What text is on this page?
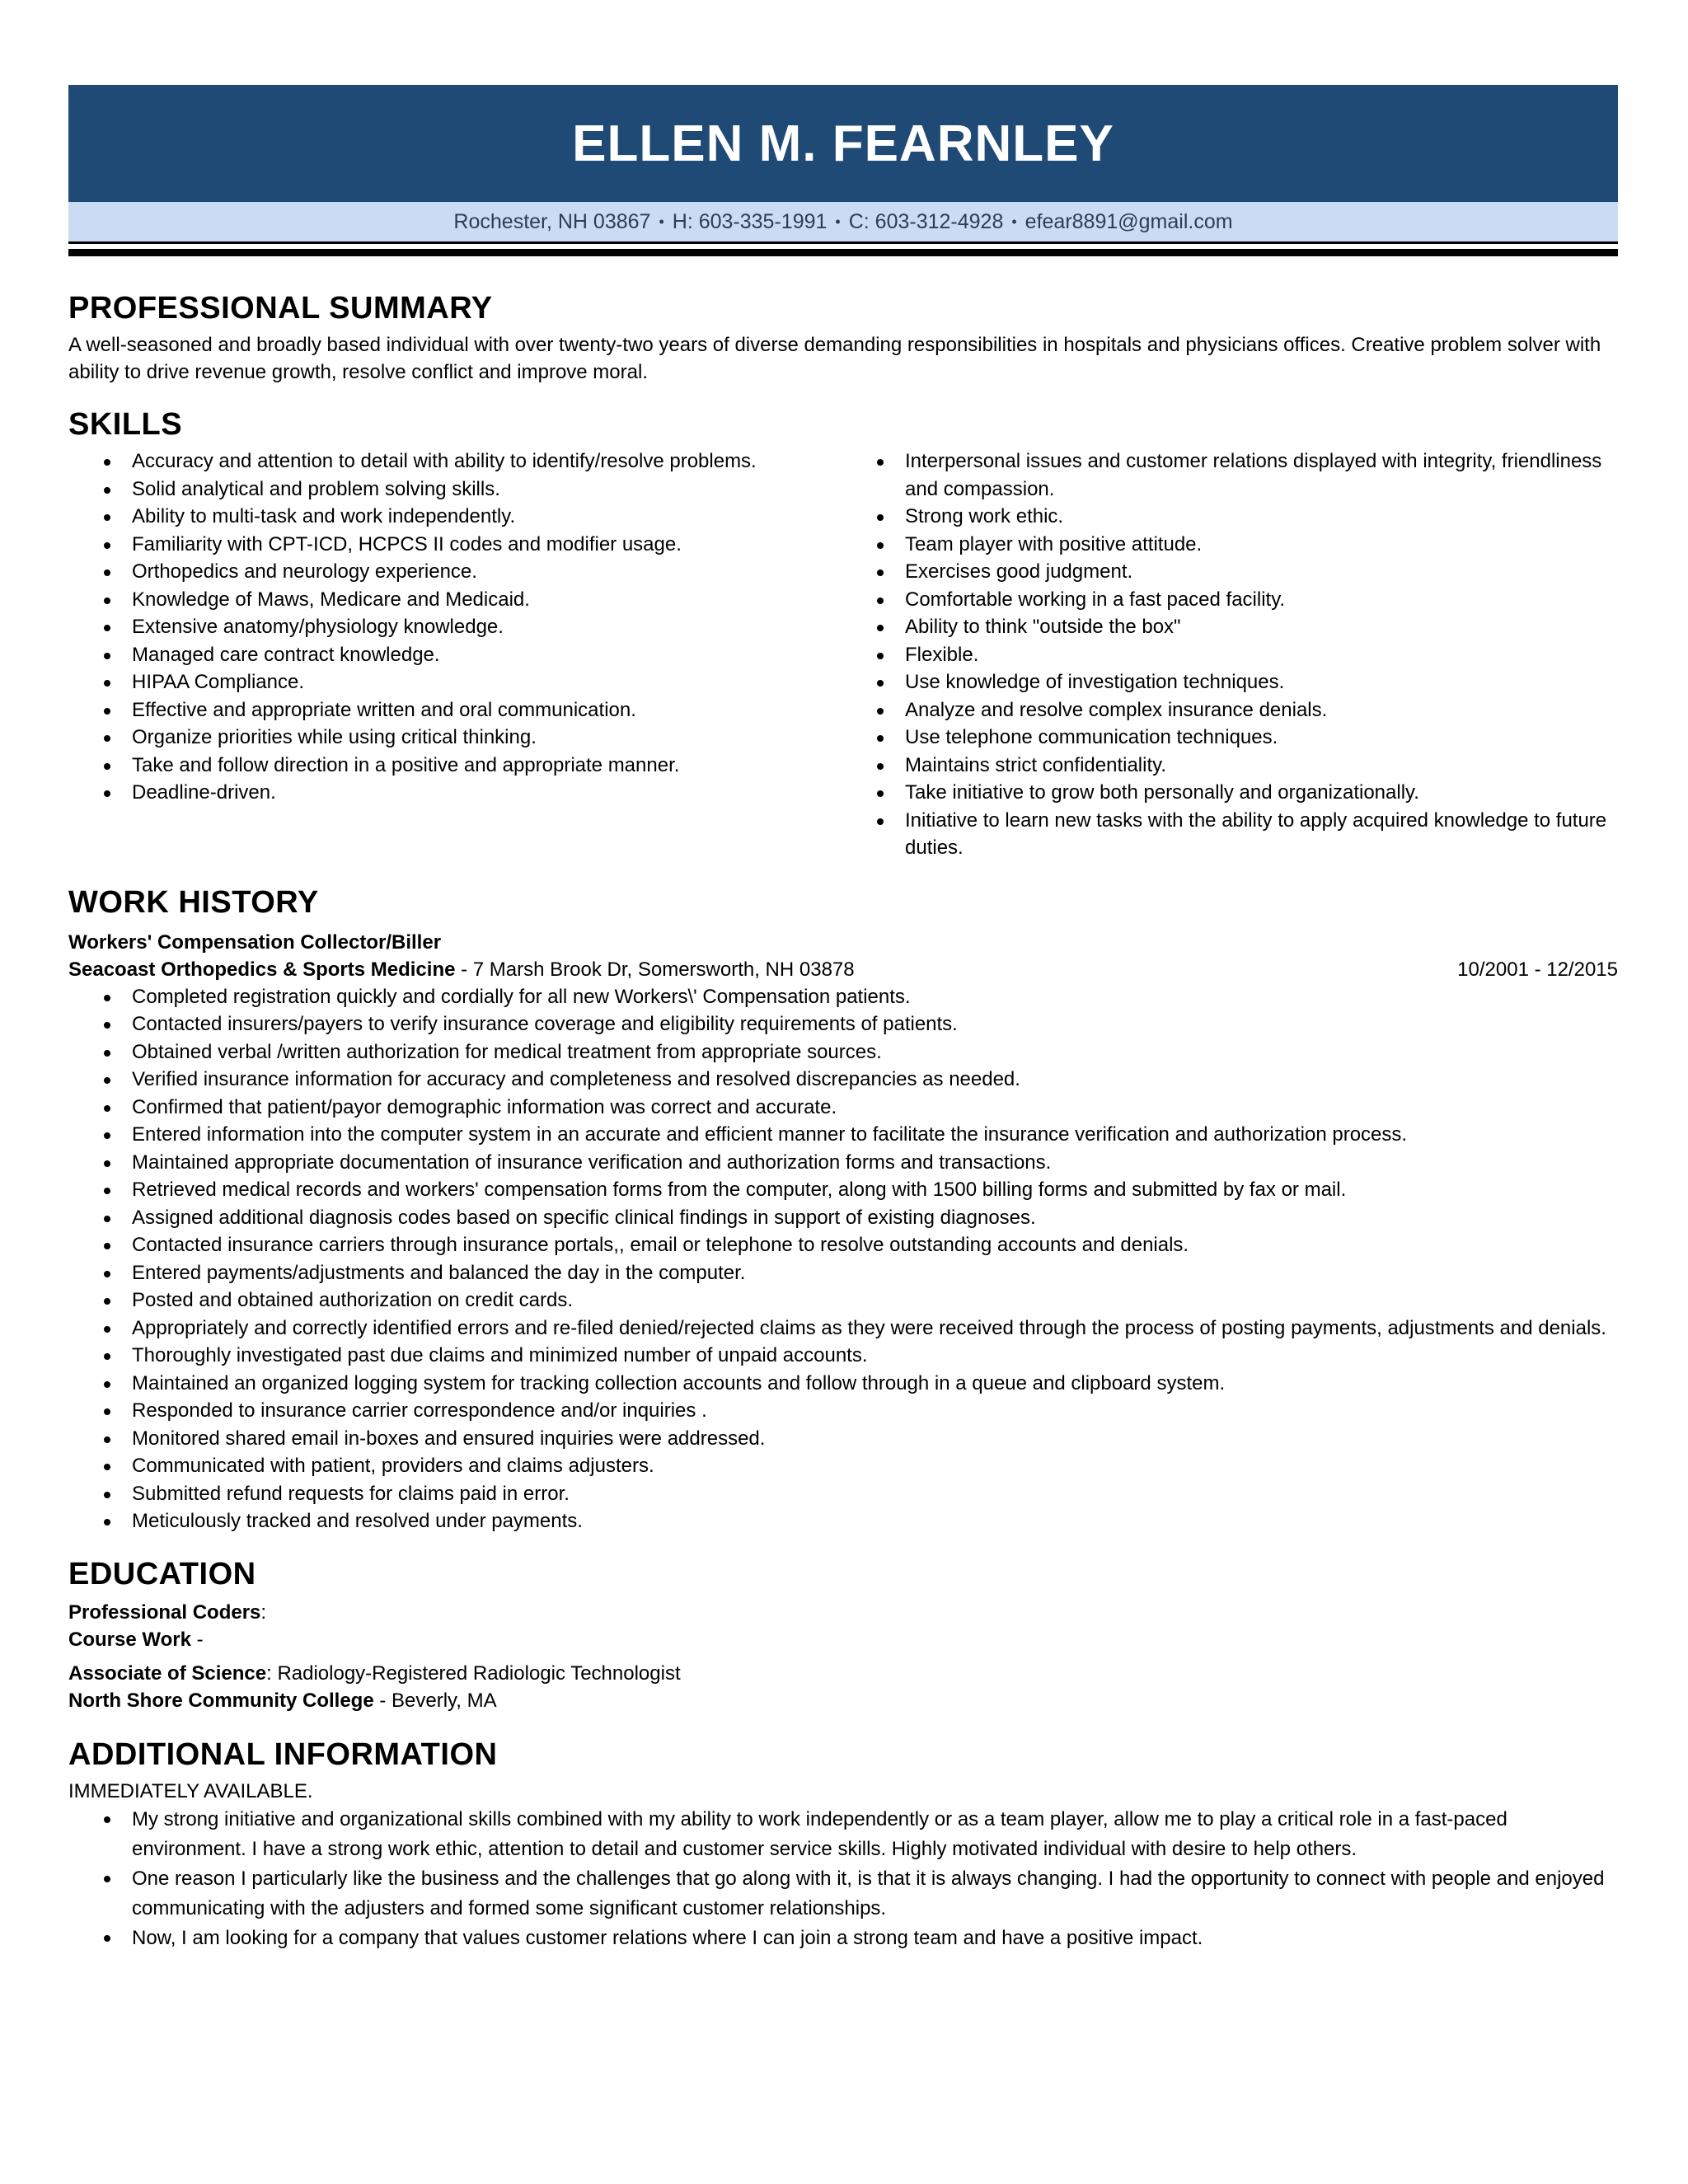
ELLEN M. FEARNLEY
Rochester, NH 03867 • H: 603-335-1991 • C: 603-312-4928 • efear8891@gmail.com
PROFESSIONAL SUMMARY
A well-seasoned and broadly based individual with over twenty-two years of diverse demanding responsibilities in hospitals and physicians offices. Creative problem solver with ability to drive revenue growth, resolve conflict and improve moral.
SKILLS
Accuracy and attention to detail with ability to identify/resolve problems.
Solid analytical and problem solving skills.
Ability to multi-task and work independently.
Familiarity with CPT-ICD, HCPCS II codes and modifier usage.
Orthopedics and neurology experience.
Knowledge of Maws, Medicare and Medicaid.
Extensive anatomy/physiology knowledge.
Managed care contract knowledge.
HIPAA Compliance.
Effective and appropriate written and oral communication.
Organize priorities while using critical thinking.
Take and follow direction in a positive and appropriate manner.
Deadline-driven.
Interpersonal issues and customer relations displayed with integrity, friendliness and compassion.
Strong work ethic.
Team player with positive attitude.
Exercises good judgment.
Comfortable working in a fast paced facility.
Ability to think "outside the box"
Flexible.
Use knowledge of investigation techniques.
Analyze and resolve complex insurance denials.
Use telephone communication techniques.
Maintains strict confidentiality.
Take initiative to grow both personally and organizationally.
Initiative to learn new tasks with the ability to apply acquired knowledge to future duties.
WORK HISTORY
Workers' Compensation Collector/Biller
Seacoast Orthopedics & Sports Medicine - 7 Marsh Brook Dr, Somersworth, NH 03878	10/2001 - 12/2015
Completed registration quickly and cordially for all new Workers\' Compensation patients.
Contacted insurers/payers to verify insurance coverage and eligibility requirements of patients.
Obtained verbal /written authorization for medical treatment from appropriate sources.
Verified insurance information for accuracy and completeness and resolved discrepancies as needed.
Confirmed that patient/payor demographic information was correct and accurate.
Entered information into the computer system in an accurate and efficient manner to facilitate the insurance verification and authorization process.
Maintained appropriate documentation of insurance verification and authorization forms and transactions.
Retrieved medical records and workers' compensation forms from the computer, along with 1500 billing forms and submitted by fax or mail.
Assigned additional diagnosis codes based on specific clinical findings in support of existing diagnoses.
Contacted insurance carriers through insurance portals,, email or telephone to resolve outstanding accounts and denials.
Entered payments/adjustments and balanced the day in the computer.
Posted and obtained authorization on credit cards.
Appropriately and correctly identified errors and re-filed denied/rejected claims as they were received through the process of posting payments, adjustments and denials.
Thoroughly investigated past due claims and minimized number of unpaid accounts.
Maintained an organized logging system for tracking collection accounts and follow through in a queue and clipboard system.
Responded to insurance carrier correspondence and/or inquiries .
Monitored shared email in-boxes and ensured inquiries were addressed.
Communicated with patient, providers and claims adjusters.
Submitted refund requests for claims paid in error.
Meticulously tracked and resolved under payments.
EDUCATION
Professional Coders:
Course Work -
Associate of Science: Radiology-Registered Radiologic Technologist
North Shore Community College - Beverly, MA
ADDITIONAL INFORMATION
IMMEDIATELY AVAILABLE.
My strong initiative and organizational skills combined with my ability to work independently or as a team player, allow me to play a critical role in a fast-paced environment. I have a strong work ethic, attention to detail and customer service skills. Highly motivated individual with desire to help others.
One reason I particularly like the business and the challenges that go along with it, is that it is always changing. I had the opportunity to connect with people and enjoyed communicating with the adjusters and formed some significant customer relationships.
Now, I am looking for a company that values customer relations where I can join a strong team and have a positive impact.
